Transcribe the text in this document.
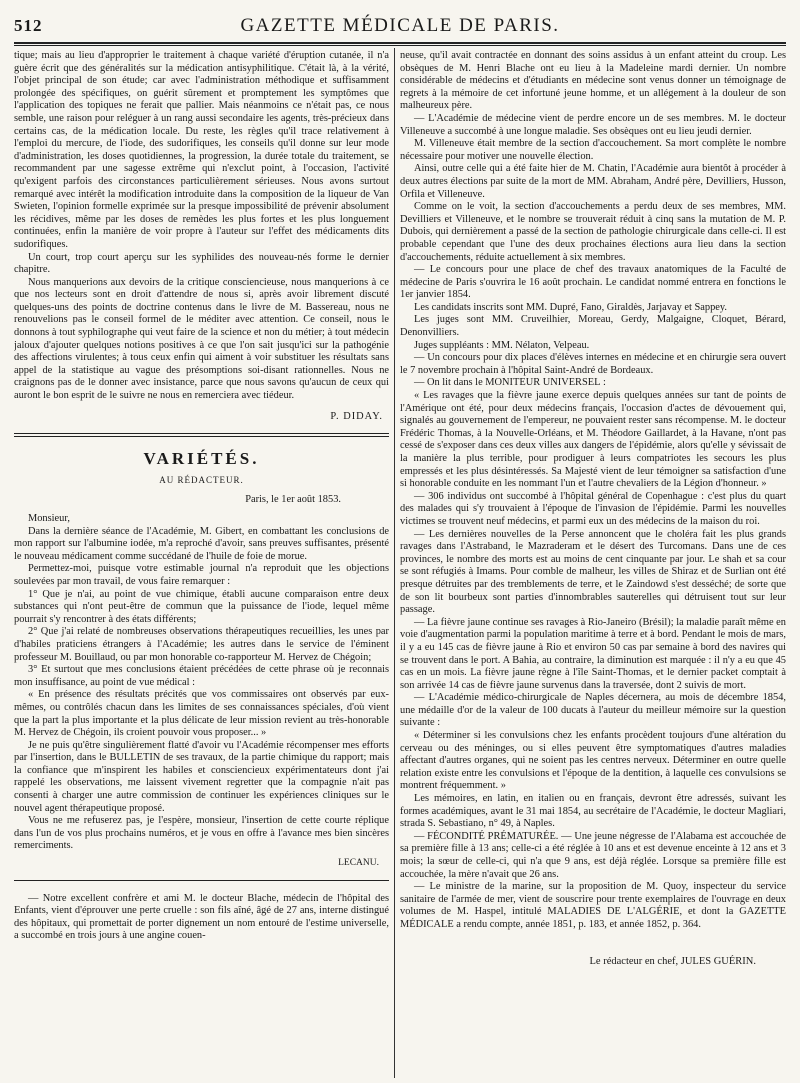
512	GAZETTE MÉDICALE DE PARIS.

tique; mais au lieu d'approprier le traitement à chaque variété d'éruption cutanée, il n'a guère écrit que des généralités sur la médication antisyphilitique. C'était là, à la vérité, l'objet principal de son étude; car avec l'administration méthodique et suffisamment prolongée des spécifiques, on guérit sûrement et promptement les symptômes que l'application des topiques ne ferait que pallier. Mais néanmoins ce n'était pas, ce nous semble, une raison pour reléguer à un rang aussi secondaire les agents, très-précieux dans certains cas, de la médication locale. Du reste, les règles qu'il trace relativement à l'emploi du mercure, de l'iode, des sudorifiques, les conseils qu'il donne sur leur mode d'administration, les doses quotidiennes, la progression, la durée totale du traitement, se recommandent par une sagesse extrême qui n'exclut point, à l'occasion, l'activité qu'exigent parfois des circonstances particulièrement sérieuses. Nous avons surtout remarqué avec intérêt la modification introduite dans la composition de la liqueur de Van Swieten, l'opinion formelle exprimée sur la presque impossibilité de prévenir absolument les récidives, même par les doses de remèdes les plus fortes et les plus longuement continuées, enfin la manière de voir propre à l'auteur sur l'effet des médicaments dits sudorifiques.

Un court, trop court aperçu sur les syphilides des nouveau-nés forme le dernier chapitre.

Nous manquerions aux devoirs de la critique consciencieuse, nous manquerions à ce que nos lecteurs sont en droit d'attendre de nous si, après avoir librement discuté quelques-uns des points de doctrine contenus dans le livre de M. Bassereau, nous ne renouvelions pas le conseil formel de le méditer avec attention. Ce conseil, nous le donnons à tout syphilographe qui veut faire de la science et non du métier; à tout médecin jaloux d'ajouter quelques notions positives à ce que l'on sait jusqu'ici sur la pathogénie des affections virulentes; à tous ceux enfin qui aiment à voir substituer les résultats sans appel de la statistique au vague des présomptions soi-disant rationnelles. Nous ne craignons pas de le donner avec insistance, parce que nous savons qu'aucun de ceux qui auront le bon esprit de le suivre ne nous en remerciera avec tiédeur.

P. DIDAY.

VARIÉTÉS.
AU RÉDACTEUR.

Paris, le 1er août 1853.

Monsieur,

Dans la dernière séance de l'Académie, M. Gibert, en combattant les conclusions de mon rapport sur l'albumine iodée, m'a reproché d'avoir, sans preuves suffisantes, présenté le nouveau médicament comme succédané de l'huile de foie de morue.

Permettez-moi, puisque votre estimable journal n'a reproduit que les objections soulevées par mon travail, de vous faire remarquer :

1° Que je n'ai, au point de vue chimique, établi aucune comparaison entre deux substances qui n'ont peut-être de commun que la puissance de l'iode, lequel même pourrait s'y rencontrer à des états différents;

2° Que j'ai relaté de nombreuses observations thérapeutiques recueillies, les unes par d'habiles praticiens étrangers à l'Académie; les autres dans le service de l'éminent professeur M. Bouillaud, ou par mon honorable co-rapporteur M. Hervez de Chégoin;

3° Et surtout que mes conclusions étaient précédées de cette phrase où je reconnais mon insuffisance, au point de vue médical :

« En présence des résultats précités que vos commissaires ont observés par eux-mêmes, ou contrôlés chacun dans les limites de ses connaissances spéciales, d'où vient que la part la plus importante et la plus délicate de leur mission revient au très-honorable M. Hervez de Chégoin, ils croient pouvoir vous proposer... »

Je ne puis qu'être singulièrement flatté d'avoir vu l'Académie récompenser mes efforts par l'insertion, dans le BULLETIN de ses travaux, de la partie chimique du rapport; mais la confiance que m'inspirent les habiles et consciencieux expérimentateurs dont j'ai rappelé les observations, me laissent vivement regretter que la compagnie n'ait pas consenti à charger une autre commission de continuer les expériences cliniques sur le nouvel agent thérapeutique proposé.

Vous ne me refuserez pas, je l'espère, monsieur, l'insertion de cette courte réplique dans l'un de vos plus prochains numéros, et je vous en offre à l'avance mes bien sincères remerciments.

LECANU.

— Notre excellent confrère et ami M. le docteur Blache, médecin de l'hôpital des Enfants, vient d'éprouver une perte cruelle : son fils aîné, âgé de 27 ans, interne distingué des hôpitaux, qui promettait de porter dignement un nom entouré de l'estime universelle, a succombé en trois jours à une angine couen-

neuse, qu'il avait contractée en donnant des soins assidus à un enfant atteint du croup. Les obsèques de M. Henri Blache ont eu lieu à la Madeleine mardi dernier. Un nombre considérable de médecins et d'étudiants en médecine sont venus donner un témoignage de regrets à la mémoire de cet infortuné jeune homme, et un allégement à la douleur de son malheureux père.

— L'Académie de médecine vient de perdre encore un de ses membres. M. le docteur Villeneuve a succombé à une longue maladie. Ses obsèques ont eu lieu jeudi dernier.

M. Villeneuve était membre de la section d'accouchement. Sa mort complète le nombre nécessaire pour motiver une nouvelle élection.

Ainsi, outre celle qui a été faite hier de M. Chatin, l'Académie aura bientôt à procéder à deux autres élections par suite de la mort de MM. Abraham, André père, Devilliers, Husson, Orfila et Villeneuve.

Comme on le voit, la section d'accouchements a perdu deux de ses membres, MM. Devilliers et Villeneuve, et le nombre se trouverait réduit à cinq sans la mutation de M. P. Dubois, qui dernièrement a passé de la section de pathologie chirurgicale dans celle-ci. Il est probable cependant que l'une des deux prochaines élections aura lieu dans la section d'accouchements, réduite actuellement à six membres.

— Le concours pour une place de chef des travaux anatomiques de la Faculté de médecine de Paris s'ouvrira le 16 août prochain. Le candidat nommé entrera en fonctions le 1er janvier 1854.

Les candidats inscrits sont MM. Dupré, Fano, Giraldès, Jarjavay et Sappey.

Les juges sont MM. Cruveilhier, Moreau, Gerdy, Malgaigne, Cloquet, Bérard, Denonvilliers.

Juges suppléants : MM. Nélaton, Velpeau.

— Un concours pour dix places d'élèves internes en médecine et en chirurgie sera ouvert le 7 novembre prochain à l'hôpital Saint-André de Bordeaux.

— On lit dans le MONITEUR UNIVERSEL :

« Les ravages que la fièvre jaune exerce depuis quelques années sur tant de points de l'Amérique ont été, pour deux médecins français, l'occasion d'actes de dévouement qui, signalés au gouvernement de l'empereur, ne pouvaient rester sans récompense. M. le docteur Frédéric Thomas, à la Nouvelle-Orléans, et M. Théodore Gaillardet, à la Havane, n'ont pas cessé de s'exposer dans ces deux villes aux dangers de l'épidémie, alors qu'elle y sévissait de la manière la plus terrible, pour prodiguer à leurs compatriotes les secours les plus empressés et les plus désintéressés. Sa Majesté vient de leur témoigner sa satisfaction d'une si honorable conduite en les nommant l'un et l'autre chevaliers de la Légion d'honneur. »

— 306 individus ont succombé à l'hôpital général de Copenhague : c'est plus du quart des malades qui s'y trouvaient à l'époque de l'invasion de l'épidémie. Parmi les nouvelles victimes se trouvent neuf médecins, et parmi eux un des médecins de la maison du roi.

— Les dernières nouvelles de la Perse annoncent que le choléra fait les plus grands ravages dans l'Astraband, le Mazraderam et le désert des Turcomans. Dans une de ces provinces, le nombre des morts est au moins de cent cinquante par jour. Le shah et sa cour se sont réfugiés à Imams. Pour comble de malheur, les villes de Shiraz et de Surlian ont été presque détruites par des tremblements de terre, et le Zaindowd s'est desséché; de sorte que de son lit bourbeux sont parties d'innombrables sauterelles qui détruisent tout sur leur passage.

— La fièvre jaune continue ses ravages à Rio-Janeiro (Brésil); la maladie paraît même en voie d'augmentation parmi la population maritime à terre et à bord. Pendant le mois de mars, il y a eu 145 cas de fièvre jaune à Rio et environ 50 cas par semaine à bord des navires qui se trouvent dans le port. A Bahia, au contraire, la diminution est marquée : il n'y a eu que 45 cas en un mois. La fièvre jaune règne à l'île Saint-Thomas, et le dernier packet comptait à son arrivée 14 cas de fièvre jaune survenus dans la traversée, dont 2 suivis de mort.

— L'Académie médico-chirurgicale de Naples décernera, au mois de décembre 1854, une médaille d'or de la valeur de 100 ducats à l'auteur du meilleur mémoire sur la question suivante :

« Déterminer si les convulsions chez les enfants procèdent toujours d'une altération du cerveau ou des méninges, ou si elles peuvent être symptomatiques d'autres maladies affectant d'autres organes, qui ne soient pas les centres nerveux. Déterminer en outre quelle relation existe entre les convulsions et l'époque de la dentition, à laquelle ces convulsions se montrent fréquemment. »

Les mémoires, en latin, en italien ou en français, devront être adressés, suivant les formes académiques, avant le 31 mai 1854, au secrétaire de l'Académie, le docteur Magliari, strada S. Sebastiano, n° 49, à Naples.

— FÉCONDITÉ PRÉMATURÉE. — Une jeune négresse de l'Alabama est accouchée de sa première fille à 13 ans; celle-ci a été réglée à 10 ans et est devenue enceinte à 12 ans et 3 mois; la sœur de celle-ci, qui n'a que 9 ans, est déjà réglée. Lorsque sa première fille est accouchée, la mère n'avait que 26 ans.

— Le ministre de la marine, sur la proposition de M. Quoy, inspecteur du service sanitaire de l'armée de mer, vient de souscrire pour trente exemplaires de l'ouvrage en deux volumes de M. Haspel, intitulé MALADIES DE L'ALGÉRIE, et dont la GAZETTE MÉDICALE a rendu compte, année 1851, p. 183, et année 1852, p. 364.

Le rédacteur en chef, JULES GUÉRIN.
